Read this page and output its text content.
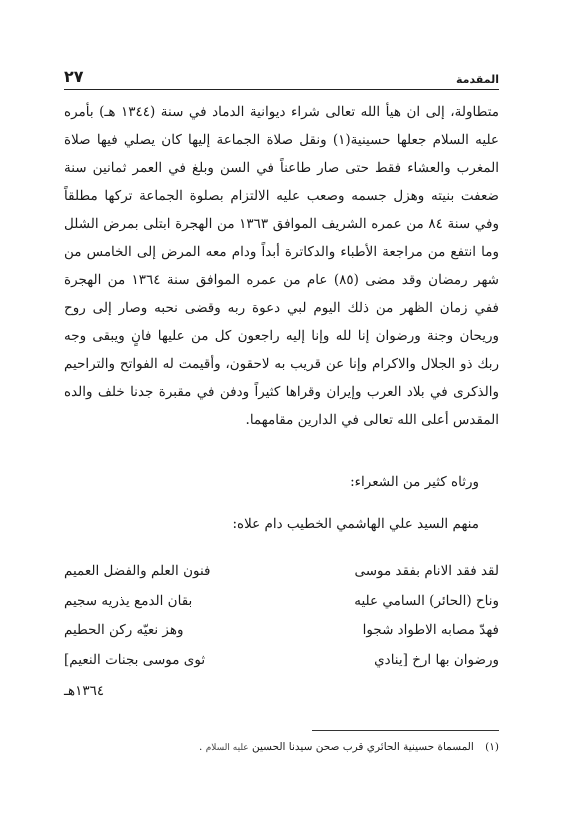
المقدمة
٢٧

متطاولة، إلى ان هيأ الله تعالى شراء ديوانية الدماد في سنة (١٣٤٤ هـ) بأمره عليه السلام جعلها حسينية(١) ونقل صلاة الجماعة إليها كان يصلي فيها صلاة المغرب والعشاء فقط حتى صار طاعناً في السن وبلغ في العمر ثمانين سنة ضعفت بنيته وهزل جسمه وصعب عليه الالتزام بصلوة الجماعة تركها مطلقاً وفي سنة ٨٤ من عمره الشريف الموافق ١٣٦٣ من الهجرة ابتلى بمرض الشلل وما انتفع من مراجعة الأطباء والدكاترة أبداً ودام معه المرض إلى الخامس من شهر رمضان وقد مضى (٨٥) عام من عمره الموافق سنة ١٣٦٤ من الهجرة ففي زمان الظهر من ذلك اليوم لبي دعوة ربه وقضى نحبه وصار إلى روح وريحان وجنة ورضوان إنا لله وإنا إليه راجعون كل من عليها فانٍ ويبقى وجه ربك ذو الجلال والاكرام وإنا عن قريب به لاحقون، وأقيمت له الفواتح والتراحيم والذكرى في بلاد العرب وإيران وقراها كثيراً ودفن في مقبرة جدنا خلف والده المقدس أعلى الله تعالى في الدارين مقامهما.

ورثاه كثير من الشعراء:
منهم السيد علي الهاشمي الخطيب دام علاه:
لقد فقد الانام بفقد موسى
فنون العلم والفضل العميم
وناح (الحائر) السامي عليه
بقان الدمع يذريه سجيم
فهدّ مصابه الاطواد شجوا
وهز نعيّه ركن الحطيم
ورضوان بها ارخ [ينادي
ثوى موسى بجنات النعيم]
١٣٦٤هـ
(١) المسماة حسينية الحائري قرب صحن سيدنا الحسين عليه السلام .
